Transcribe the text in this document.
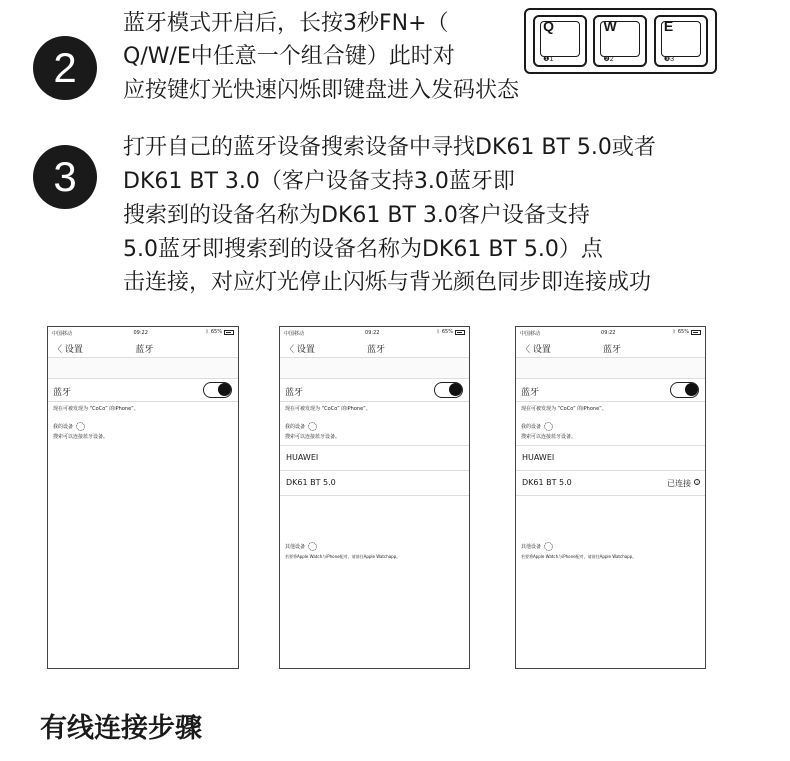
2
蓝牙模式开启后，长按3秒FN+（
Q/W/E中任意一个组合键）此时对
应按键灯光快速闪烁即键盘进入发码状态
Q
❶1
W
❷2
E
❸3
3
打开自己的蓝牙设备搜索设备中寻找DK61 BT 5.0或者
DK61 BT 3.0（客户设备支持3.0蓝牙即
搜索到的设备名称为DK61 BT 3.0客户设备支持
5.0蓝牙即搜索到的设备名称为DK61 BT 5.0）点
击连接，对应灯光停止闪烁与背光颜色同步即连接成功
中国移动	09:22	ᛒ 65%
〈 设置	蓝牙
蓝牙
现在可被发现为 “CoCo” 的iPhone”。
我的设备
搜索可以连接蓝牙设备。
中国移动	09:22	ᛒ 65%
〈 设置	蓝牙
蓝牙
现在可被发现为 “CoCo” 的iPhone”。
我的设备
搜索可以连接蓝牙设备。
HUAWEI
DK61 BT 5.0
其他设备
若要将Apple Watch与iPhone配对，请前往Apple Watchapp。
中国移动	09:22	ᛒ 65%
〈 设置	蓝牙
蓝牙
现在可被发现为 “CoCo” 的iPhone”。
我的设备
搜索可以连接蓝牙设备。
HUAWEI
DK61 BT 5.0	已连接	i
其他设备
若要将Apple Watch与iPhone配对，请前往Apple Watchapp。
有线连接步骤
